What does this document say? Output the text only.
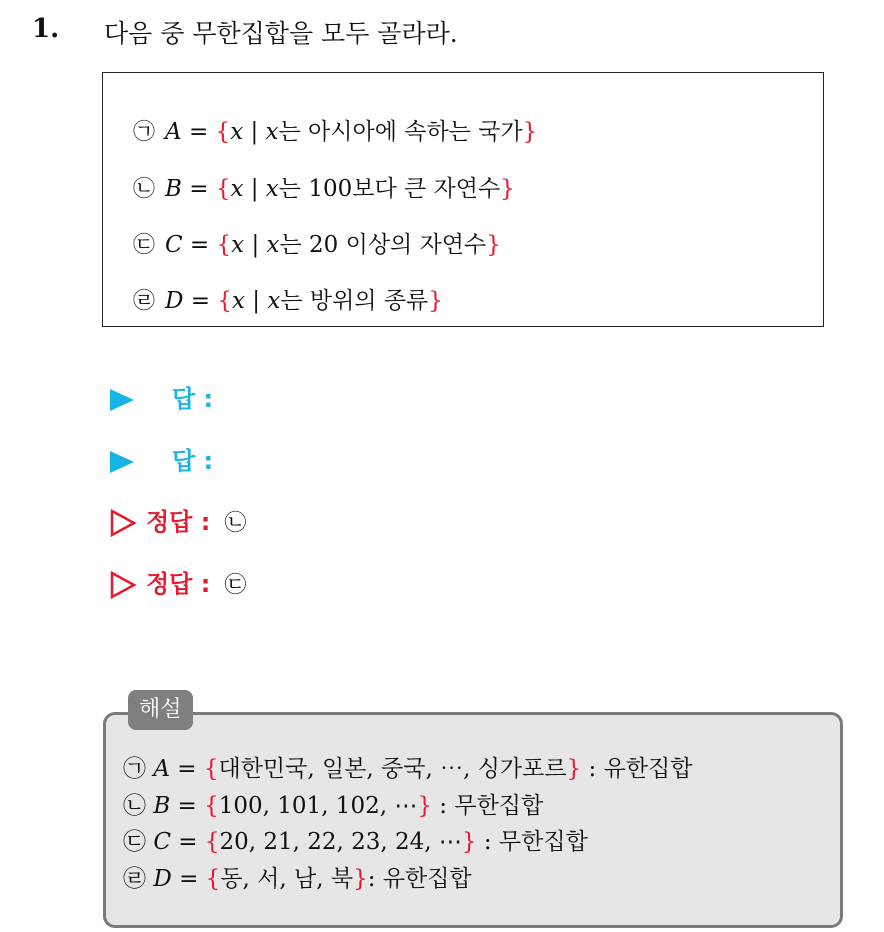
1. 다음 중 무한집합을 모두 골라라.
㉠ A = {x | x는 아시아에 속하는 국가}
㉡ B = {x | x는 100보다 큰 자연수}
㉢ C = {x | x는 20 이상의 자연수}
㉣ D = {x | x는 방위의 종류}
답 :
답 :
정답 : ㉡
정답 : ㉢
해설
㉠ A = {대한민국, 일본, 중국, ⋯, 싱가포르} : 유한집합
㉡ B = {100, 101, 102, ⋯} : 무한집합
㉢ C = {20, 21, 22, 23, 24, ⋯} : 무한집합
㉣ D = {동, 서, 남, 북}: 유한집합
